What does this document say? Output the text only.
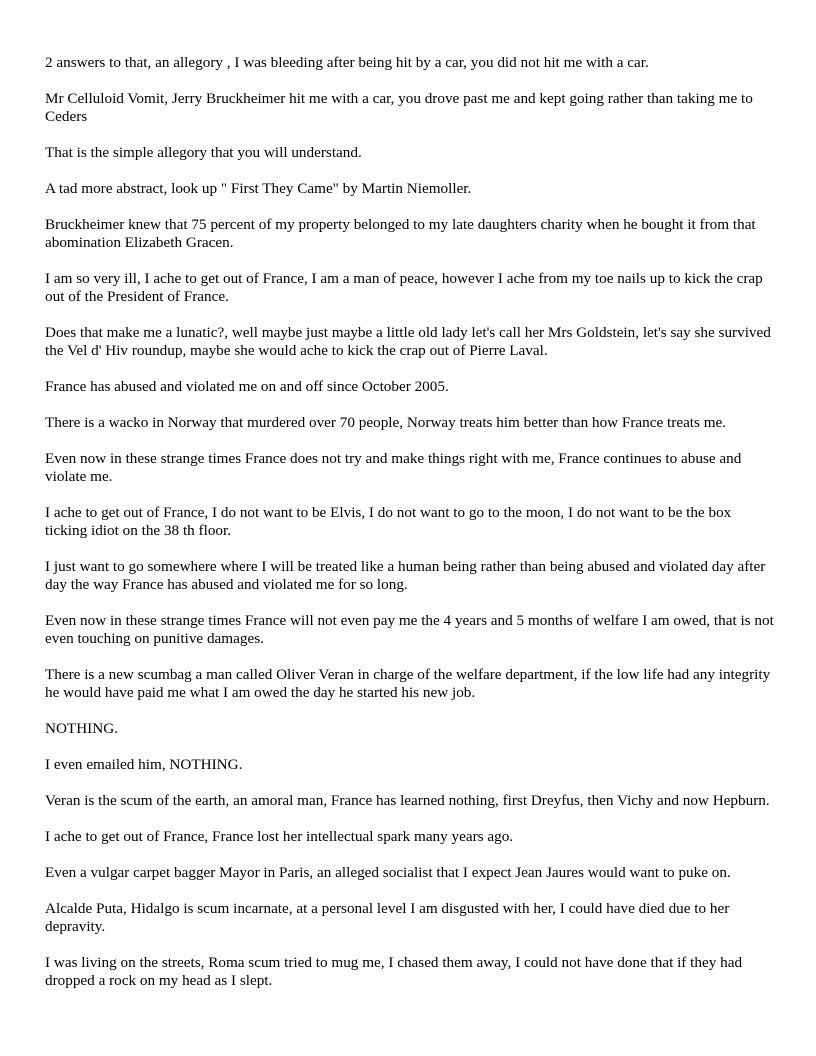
2 answers to that, an allegory , I was bleeding after being hit by a car, you did not hit me with a car.

Mr Celluloid Vomit, Jerry Bruckheimer hit me with a car, you drove past me and kept going rather than taking me to Ceders

That is the simple allegory that you will understand.

A tad more abstract, look up " First They Came" by Martin Niemoller.

Bruckheimer knew that 75 percent of my property belonged to my late daughters charity when he bought it from that abomination Elizabeth Gracen.

I am so very ill, I ache to get out of France, I am a man of peace, however I ache from my toe nails up to kick the crap out of the President of France.

Does that make me a lunatic?, well maybe just maybe a little old lady let's call her Mrs Goldstein, let's say she survived the Vel d' Hiv roundup, maybe she would ache to kick the crap out of Pierre Laval.

France has abused and violated me on and off since October 2005.

There is a wacko in Norway that murdered over 70 people, Norway treats him better than how France treats me.

Even now in these strange times France does not try and make things right with me, France continues to abuse and violate me.

I ache to get out of France, I do not want to be Elvis, I do not want to go to the moon, I do not want to be the box ticking idiot on the 38 th floor.

I just want to go somewhere where I will be treated like a human being rather than being abused and violated day after day the way France has abused and violated me for so long.

Even now in these strange times France will not even pay me the 4 years and 5 months of welfare I am owed, that is not even touching on punitive damages.

There is a new scumbag a man called Oliver Veran in charge of the welfare department, if the low life had any integrity he would have paid me what I am owed the day he started his new job.

NOTHING.

I even emailed him, NOTHING.

Veran is the scum of the earth, an amoral man, France has learned nothing, first Dreyfus, then Vichy and now Hepburn.

I ache to get out of France, France lost her intellectual spark many years ago.

Even a vulgar carpet bagger Mayor in Paris, an alleged socialist that I expect Jean Jaures would want to puke on.

Alcalde Puta, Hidalgo is scum incarnate, at a personal level I am disgusted with her, I could have died due to her depravity.

I was living on the streets, Roma scum tried to mug me, I chased them away, I could not have done that if they had dropped a rock on my head as I slept.
